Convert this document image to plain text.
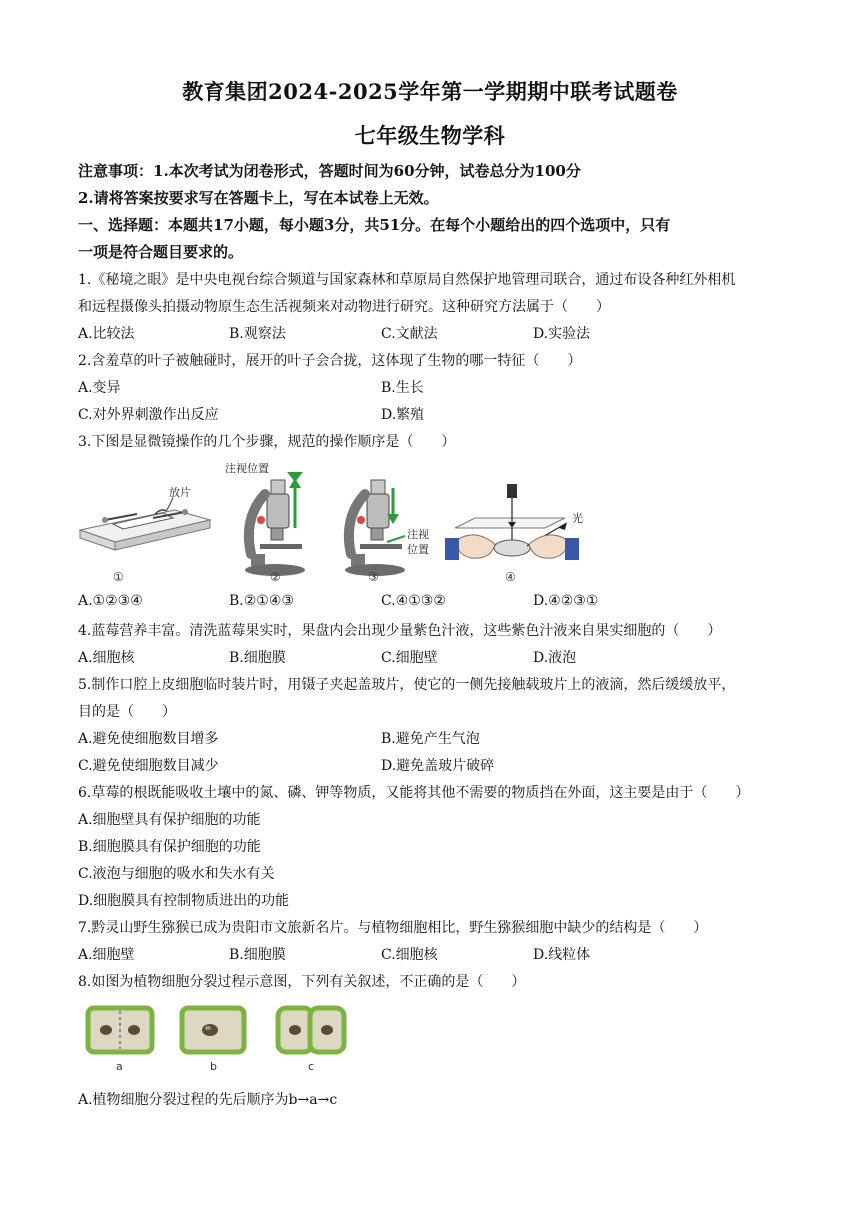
教育集团2024-2025学年第一学期期中联考试题卷
七年级生物学科
注意事项：1.本次考试为闭卷形式，答题时间为60分钟，试卷总分为100分
2.请将答案按要求写在答题卡上，写在本试卷上无效。
一、选择题：本题共17小题，每小题3分，共51分。在每个小题给出的四个选项中，只有
一项是符合题目要求的。
1.《秘境之眼》是中央电视台综合频道与国家森林和草原局自然保护地管理司联合，通过布设各种红外相机
和远程摄像头拍摄动物原生态生活视频来对动物进行研究。这种研究方法属于（　　）
A.比较法	B.观察法	C.文献法	D.实验法
2.含羞草的叶子被触碰时，展开的叶子会合拢，这体现了生物的哪一特征（　　）
A.变异	B.生长
C.对外界刺激作出反应	D.繁殖
3.下图是显微镜操作的几个步骤，规范的操作顺序是（　　）
放片
①
注视位置
②
注视
位置
③
光
④
A.①②③④	B.②①④③	C.④①③②	D.④②③①
4.蓝莓营养丰富。清洗蓝莓果实时，果盘内会出现少量紫色汁液，这些紫色汁液来自果实细胞的（　　）
A.细胞核	B.细胞膜	C.细胞壁	D.液泡
5.制作口腔上皮细胞临时装片时，用镊子夹起盖玻片，使它的一侧先接触载玻片上的液滴，然后缓缓放平，
目的是（　　）
A.避免使细胞数目增多	B.避免产生气泡
C.避免使细胞数目减少	D.避免盖玻片破碎
6.草莓的根既能吸收土壤中的氮、磷、钾等物质，又能将其他不需要的物质挡在外面，这主要是由于（　　）
A.细胞壁具有保护细胞的功能
B.细胞膜具有保护细胞的功能
C.液泡与细胞的吸水和失水有关
D.细胞膜具有控制物质进出的功能
7.黔灵山野生猕猴已成为贵阳市文旅新名片。与植物细胞相比，野生猕猴细胞中缺少的结构是（　　）
A.细胞壁	B.细胞膜	C.细胞核	D.线粒体
8.如图为植物细胞分裂过程示意图，下列有关叙述，不正确的是（　　）
a	b	c
A.植物细胞分裂过程的先后顺序为b→a→c
